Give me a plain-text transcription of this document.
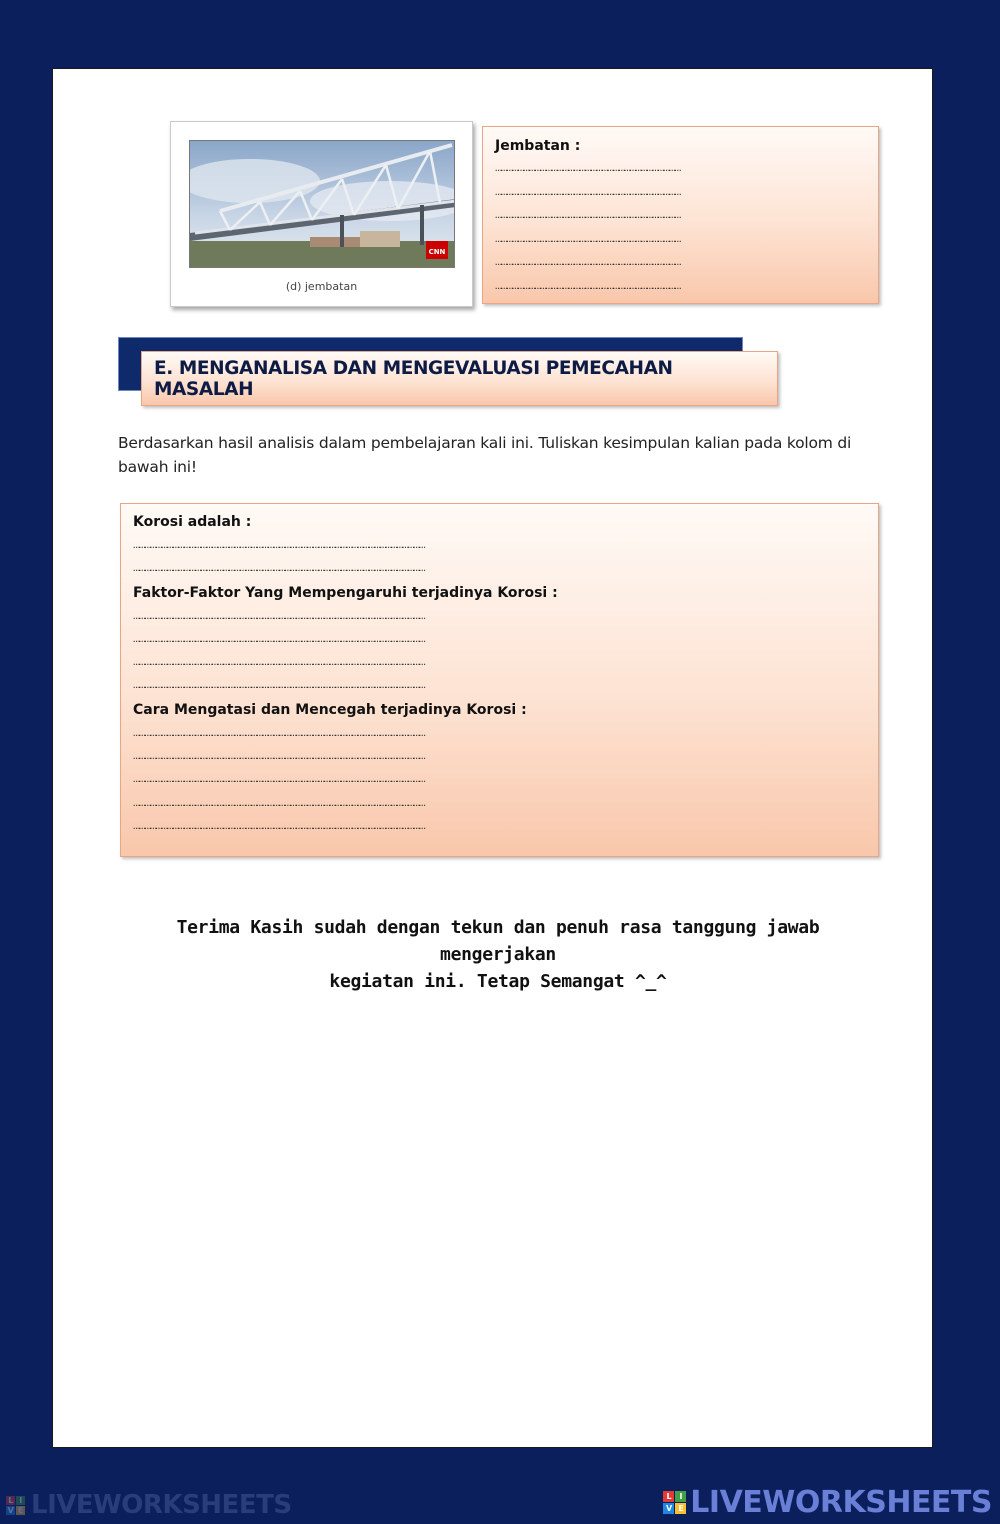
CNN
(d) jembatan
Jembatan :
………………………………………………………………………………………
………………………………………………………………………………………
………………………………………………………………………………………
………………………………………………………………………………………
………………………………………………………………………………………
………………………………………………………………………………………
E. MENGANALISA DAN MENGEVALUASI PEMECAHAN MASALAH

Berdasarkan hasil analisis dalam pembelajaran kali ini. Tuliskan kesimpulan kalian pada kolom di bawah ini!

Korosi adalah :
…………………………………………………………………………………………………………………………………………
…………………………………………………………………………………………………………………………………………
Faktor-Faktor Yang Mempengaruhi terjadinya Korosi :
…………………………………………………………………………………………………………………………………………
…………………………………………………………………………………………………………………………………………
…………………………………………………………………………………………………………………………………………
…………………………………………………………………………………………………………………………………………
Cara Mengatasi dan Mencegah terjadinya Korosi :
…………………………………………………………………………………………………………………………………………
…………………………………………………………………………………………………………………………………………
…………………………………………………………………………………………………………………………………………
…………………………………………………………………………………………………………………………………………
…………………………………………………………………………………………………………………………………………
Terima Kasih sudah dengan tekun dan penuh rasa tanggung jawab mengerjakan
kegiatan ini. Tetap Semangat ^_^
L I
V E LIVEWORKSHEETS	L	I
V E LIVEWORKSHEETS
